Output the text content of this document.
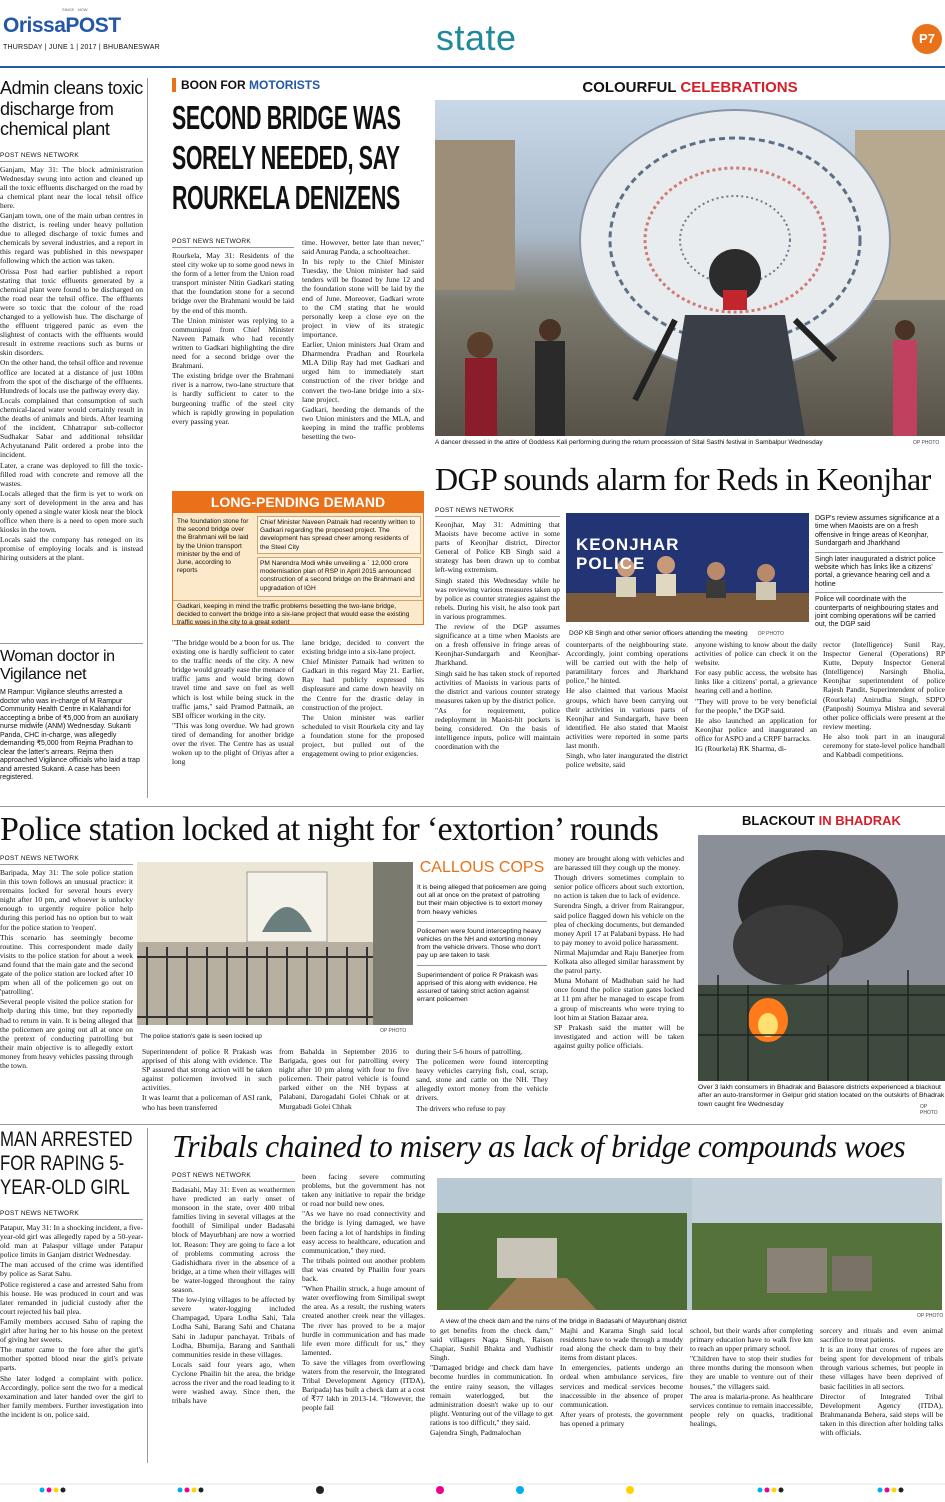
OrissaPOST
SINCE · NOW
THURSDAY | JUNE 1 | 2017 | BHUBANESWAR	state	P7
Admin cleans toxic discharge from chemical plant
POST NEWS NETWORK

Ganjam, May 31: The block administration Wednesday swung into action and cleaned up all the toxic effluents discharged on the road by a chemical plant near the local tehsil office here.

Ganjam town, one of the main urban centres in the district, is reeling under heavy pollution due to alleged discharge of toxic fumes and chemicals by several industries, and a report in this regard was published in this newspaper following which the action was taken.

Orissa Post had earlier published a report stating that toxic effluents generated by a chemical plant were found to be discharged on the road near the tehsil office. The effluents were so toxic that the colour of the road changed to a yellowish hue. The discharge of the effluent triggered panic as even the slightest of contacts with the effluents would result in extreme reactions such as burns or skin disorders.

On the other hand, the tehsil office and revenue office are located at a distance of just 100m from the spot of the discharge of the effluents. Hundreds of locals use the pathway every day.

Locals complained that consumption of such chemical-laced water would certainly result in the deaths of animals and birds. After learning of the incident, Chhatrapur sub-collector Sudhakar Sabar and additional tehsildar Achyutanand Palit ordered a probe into the incident.

Later, a crane was deployed to fill the toxic-filled road with concrete and remove all the wastes.

Locals alleged that the firm is yet to work on any sort of development in the area and has only opened a single water kiosk near the block office when there is a need to open more such kiosks in the town.

Locals said the company has reneged on its promise of employing locals and is instead hiring outsiders at the plant.

Woman doctor in Vigilance net
M Rampur: Vigilance sleuths arrested a doctor who was in-charge of M Rampur Community Health Centre in Kalahandi for accepting a bribe of ₹5,000 from an auxiliary nurse midwife (ANM) Wednesday. Sukanti Panda, CHC in-charge, was allegedly demanding ₹5,000 from Rejma Pradhan to clear the latter's arrears. Rejma then approached Vigilance officials who laid a trap and arrested Sukanti. A case has been registered.
BOON FOR MOTORISTS
SECOND BRIDGE WAS SORELY NEEDED, SAY ROURKELA DENIZENS
POST NEWS NETWORK

Rourkela, May 31: Residents of the steel city woke up to some good news in the form of a letter from the Union road transport minister Nitin Gadkari stating that the foundation stone for a second bridge over the Brahmani would be laid by the end of this month.

The Union minister was replying to a communiqué from Chief Minister Naveen Patnaik who had recently written to Gadkari highlighting the dire need for a second bridge over the Brahmani.

The existing bridge over the Brahmani river is a narrow, two-lane structure that is hardly sufficient to cater to the burgeoning traffic of the steel city which is rapidly growing in population every passing year.

time. However, better late than never," said Anurag Panda, a schoolteacher.

In his reply to the Chief Minister Tuesday, the Union minister had said tenders will be floated by June 12 and the foundation stone will be laid by the end of June. Moreover, Gadkari wrote to the CM stating that he would personally keep a close eye on the project in view of its strategic importance.

Earlier, Union ministers Jual Oram and Dharmendra Pradhan and Rourkela MLA Dilip Ray had met Gadkari and urged him to immediately start construction of the river bridge and convert the two-lane bridge into a six-lane project.

Gadkari, heeding the demands of the two Union ministers and the MLA, and keeping in mind the traffic problems besetting the two-

LONG-PENDING DEMAND
The foundation stone for the second bridge over the Brahmani will be laid by the Union transport minister by the end of June, according to reports
Chief Minister Naveen Patnaik had recently written to Gadkari regarding the proposed project. The development has spread cheer among residents of the Steel City
PM Narendra Modi while unveiling a ` 12,000 crore modernisation plan of RSP in April 2015 announced construction of a second bridge on the Brahmani and upgradation of IGH
Gadkari, keeping in mind the traffic problems besetting the two-lane bridge, decided to convert the bridge into a six-lane project that would ease the existing traffic woes in the city to a great extent

"The bridge would be a boon for us. The existing one is hardly sufficient to cater to the traffic needs of the city. A new bridge would greatly ease the menace of traffic jams and would bring down travel time and save on fuel as well which is lost while being stuck in the traffic jams," said Pramod Pattnaik, an SBI officer working in the city.

"This was long overdue. We had grown tired of demanding for another bridge over the river. The Centre has as usual woken up to the plight of Oriyas after a long

lane bridge, decided to convert the existing bridge into a six-lane project.

Chief Minister Patnaik had written to Gadkari in this regard May 21. Earlier, Ray had publicly expressed his displeasure and came down heavily on the Centre for the drastic delay in construction of the project.

The Union minister was earlier scheduled to visit Rourkela city and lay a foundation stone for the proposed project, but pulled out of the engagement owing to prior exigencies.

COLOURFUL CELEBRATIONS
A dancer dressed in the attire of Goddess Kali performing during the return procession of Sital Sasthi festival in Sambalpur Wednesday	OP PHOTO
DGP sounds alarm for Reds in Keonjhar
POST NEWS NETWORK

Keonjhar, May 31: Admitting that Maoists have become active in some parts of Keonjhar district, Director General of Police KB Singh said a strategy has been drawn up to combat left-wing extremism.

Singh stated this Wednesday while he was reviewing various measures taken up by police as counter strategies against the rebels. During his visit, he also took part in various programmes.

The review of the DGP assumes significance at a time when Maoists are on a fresh offensive in fringe areas of Keonjhar-Sundargarh and Keonjhar-Jharkhand.

Singh said he has taken stock of reported activities of Maoists in various parts of the district and various counter strategy measures taken up by the district police.

"As for requirement, police redeployment in Maoist-hit pockets is being considered. On the basis of intelligence inputs, police will maintain coordination with the

KEONJHAR POLICE
DGP KB Singh and other senior officers attending the meeting OP PHOTO
DGP's review assumes significance at a time when Maoists are on a fresh offensive in fringe areas of Keonjhar, Sundargarh and Jharkhand
Singh later inaugurated a district police website which has links like a citizens' portal, a grievance hearing cell and a hotline
Police will coordinate with the counterparts of neighbouring states and joint combing operations will be carried out, the DGP said

counterparts of the neighbouring state. Accordingly, joint combing operations will be carried out with the help of paramilitary forces and Jharkhand police," he hinted.

He also claimed that various Maoist groups, which have been carrying out their activities in various parts of Keonjhar and Sundargarh, have been identified. He also stated that Maoist activities were reported in some parts last month.

Singh, who later inaugurated the district police website, said

anyone wishing to know about the daily activities of police can check it on the website.

For easy public access, the website has links like a citizens' portal, a grievance hearing cell and a hotline.

"They will prove to be very beneficial for the people," the DGP said.

He also launched an application for Keonjhar police and inaugurated an office for ASPO and a CRPF barracks.

IG (Rourkela) RK Sharma, di-

rector (Intelligence) Sunil Ray, Inspector General (Operations) RP Kutte, Deputy Inspector General (Intelligence) Narsingh Bholia, Keonjhar superintendent of police Rajesh Pandit, Superintendent of police (Rourkela) Anirudha Singh, SDPO (Panposh) Soumya Mishra and several other police officials were present at the review meeting.

He also took part in an inaugural ceremony for state-level police handball and Kabbadi competitions.

Police station locked at night for ‘extortion’ rounds
POST NEWS NETWORK

Baripada, May 31: The sole police station in this town follows an unusual practice: it remains locked for several hours every night after 10 pm, and whoever is unlucky enough to urgently require police help during this period has no option but to wait for the police station to 'reopen'.

This scenario has seemingly become routine. This correspondent made daily visits to the police station for about a week and found that the main gate and the second gate of the police station are locked after 10 pm when all of the policemen go out on 'patrolling'.

Several people visited the police station for help during this time, but they reportedly had to return in vain. It is being alleged that the policemen are going out all at once on the pretext of conducting patrolling but their main objective is to allegedly extort money from heavy vehicles passing through the town.

The police station's gate is seen locked up
OP PHOTO
CALLOUS COPS
It is being alleged that policemen are going out all at once on the pretext of patrolling but their main objective is to extort money from heavy vehicles
Policemen were found intercepting heavy vehicles on the NH and extorting money from the vehicle drivers. Those who don't pay up are taken to task
Superintendent of police R Prakash was apprised of this along with evidence. He assured of taking strict action against errant policemen

Superintendent of police R Prakash was apprised of this along with evidence. The SP assured that strong action will be taken against policemen involved in such activities.

It was learnt that a policeman of ASI rank, who has been transferred

from Bahalda in September 2016 to Barigada, goes out for patrolling every night after 10 pm along with four to five policemen. Their patrol vehicle is found parked either on the NH bypass at Palabani, Darogadahi Golei Chhak or at Murgabadi Golei Chhak

during their 5-6 hours of patrolling.

The policemen were found intercepting heavy vehicles carrying fish, coal, scrap, sand, stone and cattle on the NH. They allegedly extort money from the vehicle drivers.

The drivers who refuse to pay

money are brought along with vehicles and are harassed till they cough up the money.

Though drivers sometimes complain to senior police officers about such extortion, no action is taken due to lack of evidence.

Surendra Singh, a driver from Rairangpur, said police flagged down his vehicle on the plea of checking documents, but demanded money April 17 at Palabani bypass. He had to pay money to avoid police harassment.

Nirmal Majumdar and Raju Banerjee from Kolkata also alleged similar harassment by the patrol party.

Muna Mohant of Madhuban said he had once found the police station gates locked at 11 pm after he managed to escape from a group of miscreants who were trying to loot him at Station Bazaar area.

SP Prakash said the matter will be investigated and action will be taken against guilty police officials.

BLACKOUT IN BHADRAK
Over 3 lakh consumers in Bhadrak and Balasore districts experienced a blackout after an auto-transformer in Gelpur grid station located on the outskirts of Bhadrak town caught fire Wednesday	OP PHOTO
MAN ARRESTED FOR RAPING 5-YEAR-OLD GIRL
POST NEWS NETWORK

Patapur, May 31: In a shocking incident, a five-year-old girl was allegedly raped by a 50-year-old man at Palaspur village under Patapur police limits in Ganjam district Wednesday.

The man accused of the crime was identified by police as Sarat Sahu.

Police registered a case and arrested Sahu from his house. He was produced in court and was later remanded in judicial custody after the court rejected his bail plea.

Family members accused Sahu of raping the girl after luring her to his house on the pretext of giving her sweets.

The matter came to the fore after the girl's mother spotted blood near the girl's private parts.

She later lodged a complaint with police. Accordingly, police sent the two for a medical examination and later handed over the girl to her family members. Further investigation into the incident is on, police said.

Tribals chained to misery as lack of bridge compounds woes
POST NEWS NETWORK

Badasahi, May 31: Even as weathermen have predicted an early onset of monsoon in the state, over 400 tribal families living in several villages at the foothill of Similipal under Badasahi block of Mayurbhanj are now a worried lot. Reason: They are going to face a lot of problems commuting across the Gadishidhara river in the absence of a bridge, at a time when their villages will be water-logged throughout the rainy season.

The low-lying villages to be affected by severe water-logging included Champagad, Upara Lodha Sahi, Tala Lodha Sahi, Barang Sahi and Chatana Sahi in Jadupur panchayat. Tribals of Lodha, Bhumija, Barang and Santhali communities reside in these villages.

Locals said four years ago, when Cyclone Phailin hit the area, the bridge across the river and the road leading to it were washed away. Since then, the tribals have

been facing severe commuting problems, but the government has not taken any initiative to repair the bridge or road nor build new ones.

"As we have no road connectivity and the bridge is lying damaged, we have been facing a lot of hardships in finding easy access to healthcare, education and communication," they rued.

The tribals pointed out another problem that was created by Phailin four years back.

"When Phailin struck, a huge amount of water overflowing from Similipal swept the area. As a result, the rushing waters created another creek near the villages. The river has proved to be a major hurdle in communication and has made life even more difficult for us," they lamented.

To save the villages from overflowing waters from the reservoir, the Integrated Tribal Development Agency (ITDA), Baripada) has built a check dam at a cost of ₹77 lakh in 2013-14. "However, the people fail

A view of the check dam and the ruins of the bridge in Badasahi of Mayurbhanj district
OP PHOTO

to get benefits from the check dam," said villagers Naga Singh, Raison Chapiar, Sushil Bhakta and Yudhistir Singh.

"Damaged bridge and check dam have become hurdles in communication. In the entire rainy season, the villages remain waterlogged, but the administration doesn't wake up to our plight. Venturing out of the village to get rations is too difficult," they said.

Gajendra Singh, Padmalochan

Majhi and Karama Singh said local residents have to wade through a muddy road along the check dam to buy their items from distant places.

In emergencies, patients undergo an ordeal when ambulance services, fire services and medical services become inaccessible in the absence of proper communication.

After years of protests, the government has opened a primary

school, but their wards after completing primary education have to walk five km to reach an upper primary school.

"Children have to stop their studies for three months during the monsoon when they are unable to venture out of their houses," the villagers said.

The area is malaria-prone. As healthcare services continue to remain inaccessible, people rely on quacks, traditional healings,

sorcery and rituals and even animal sacrifice to treat patients.

It is an irony that crores of rupees are being spent for development of tribals through various schemes, but people in these villages have been deprived of basic facilities in all sectors.

Director of Integrated Tribal Development Agency (ITDA), Brahmananda Behera, said steps will be taken in this direction after holding talks with officials.
